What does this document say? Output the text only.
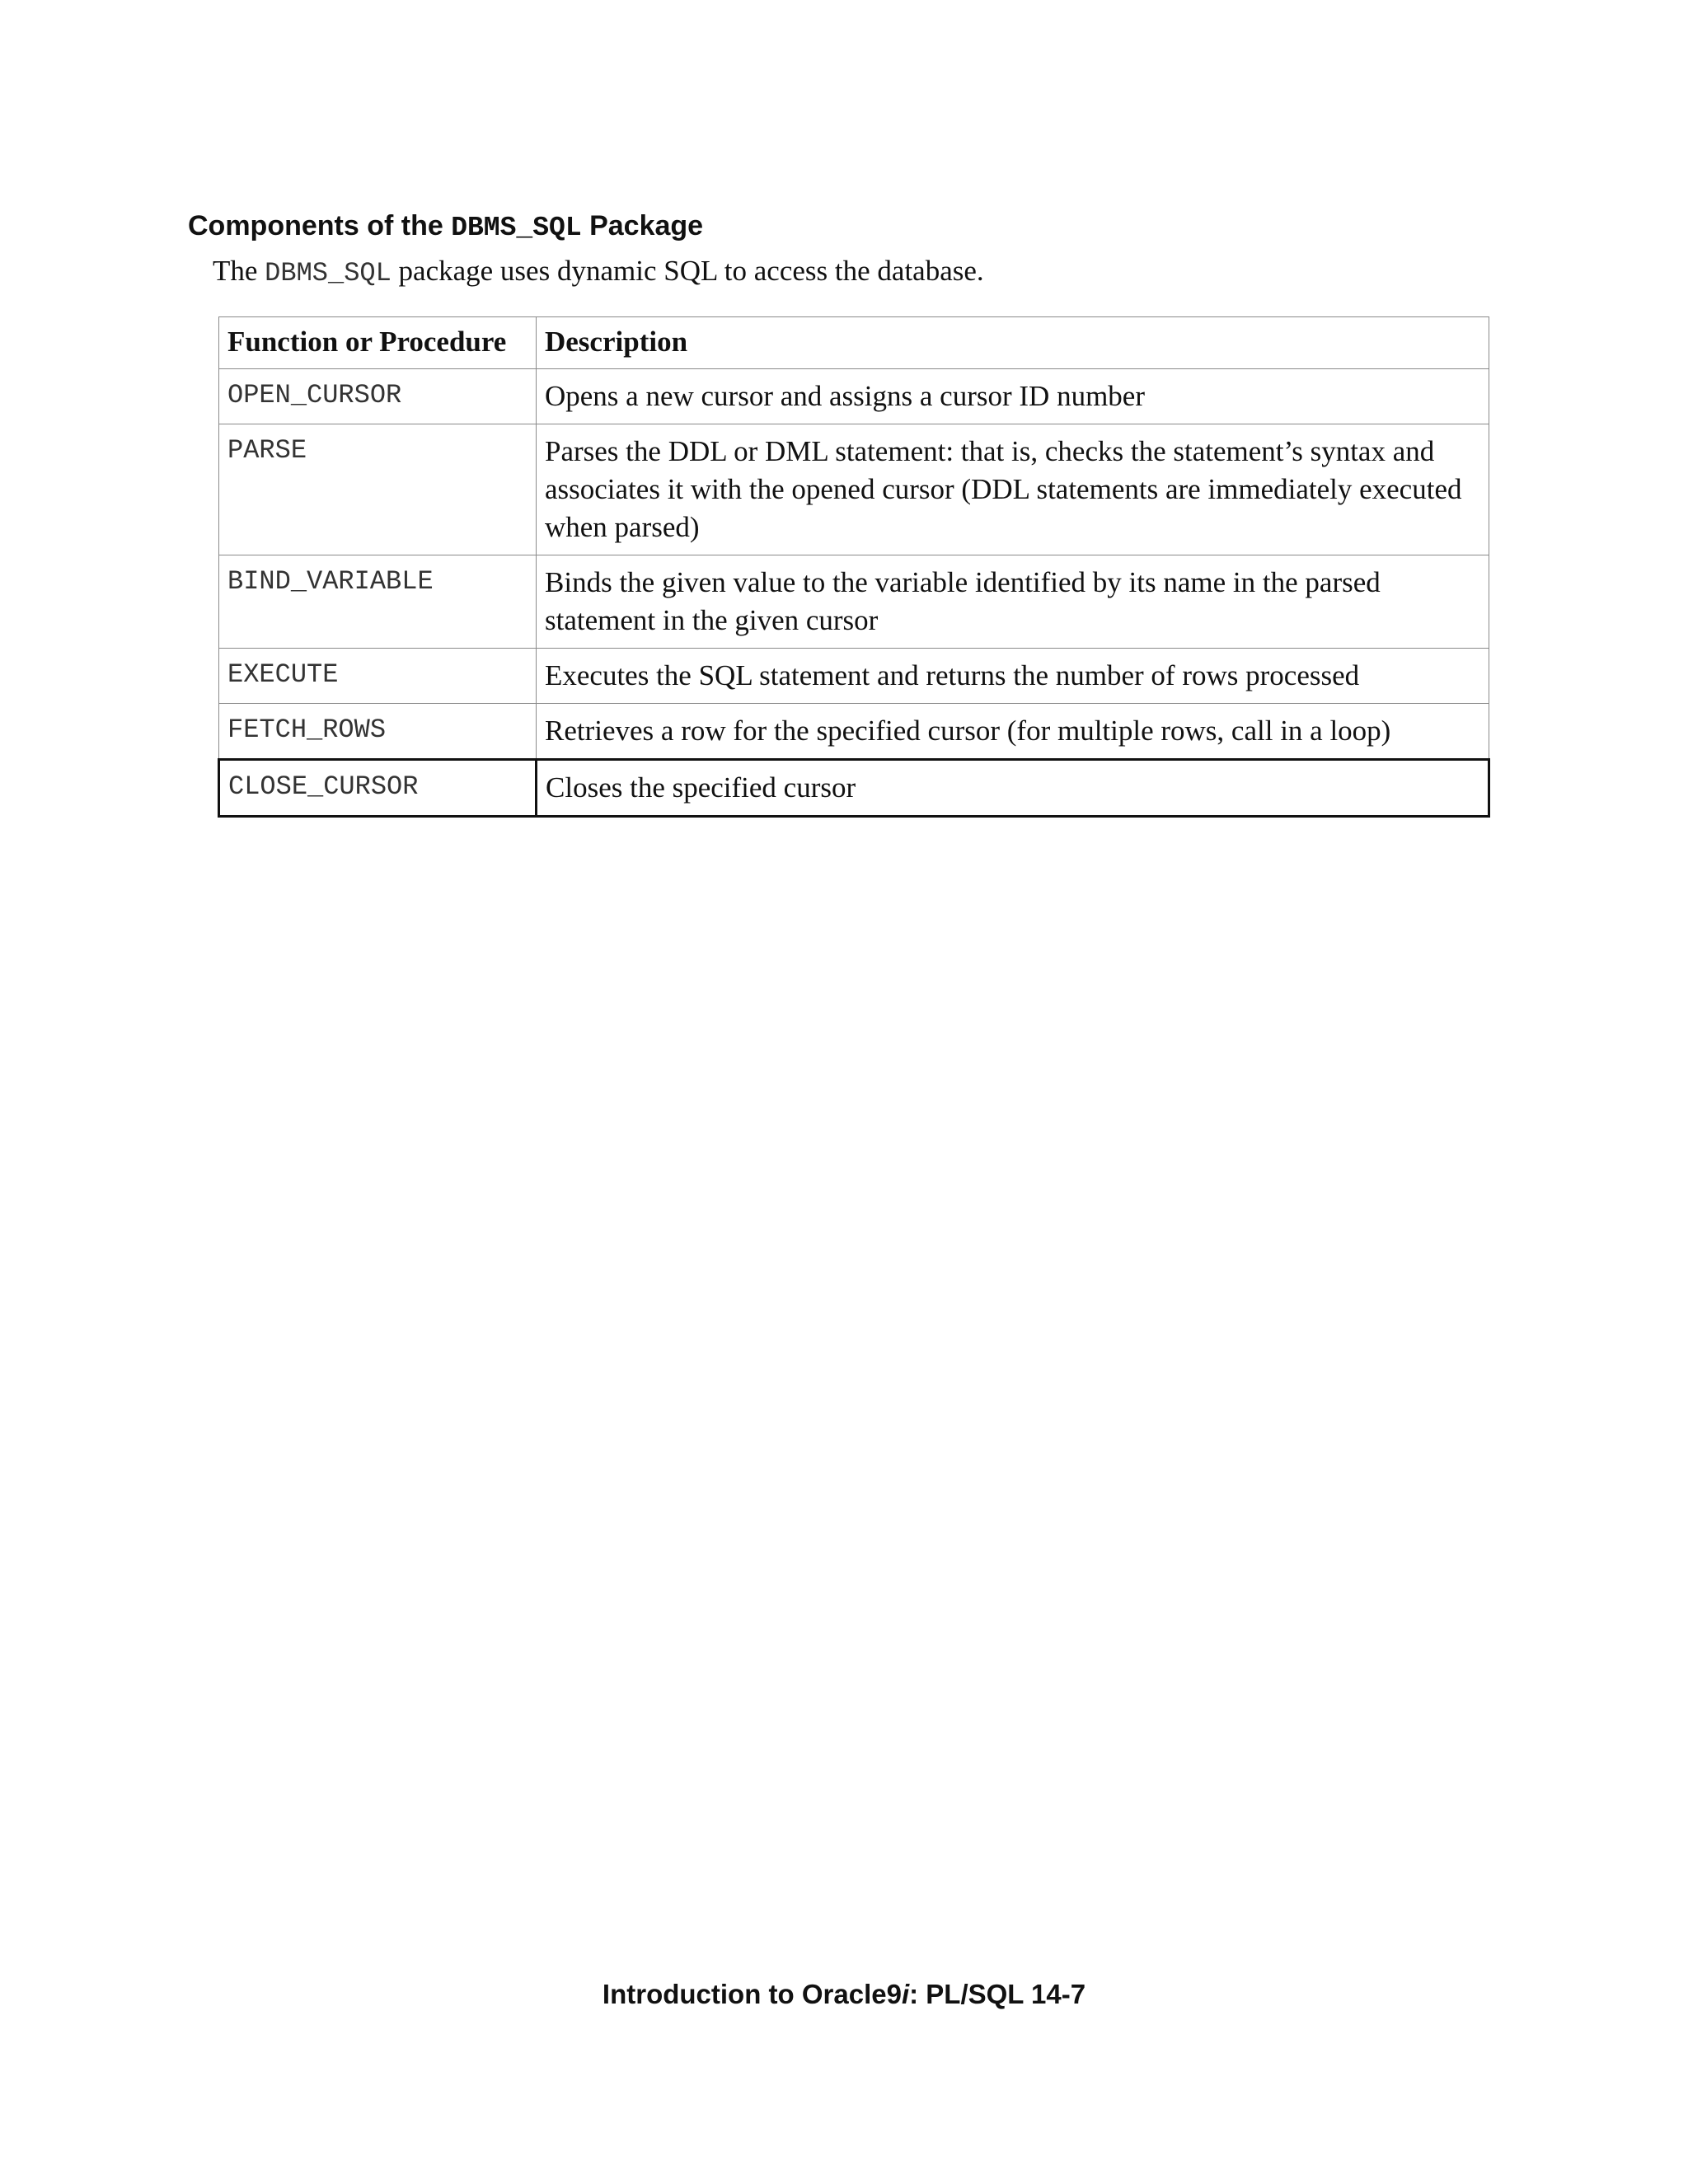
Components of the DBMS_SQL Package

The DBMS_SQL package uses dynamic SQL to access the database.

Function or Procedure	Description
OPEN_CURSOR	Opens a new cursor and assigns a cursor ID number
PARSE	Parses the DDL or DML statement: that is, checks the statement’s syntax and associates it with the opened cursor (DDL statements are immediately executed when parsed)
BIND_VARIABLE	Binds the given value to the variable identified by its name in the parsed statement in the given cursor
EXECUTE	Executes the SQL statement and returns the number of rows processed
FETCH_ROWS	Retrieves a row for the specified cursor (for multiple rows, call in a loop)
CLOSE_CURSOR	Closes the specified cursor

Introduction to Oracle9i: PL/SQL 14-7
